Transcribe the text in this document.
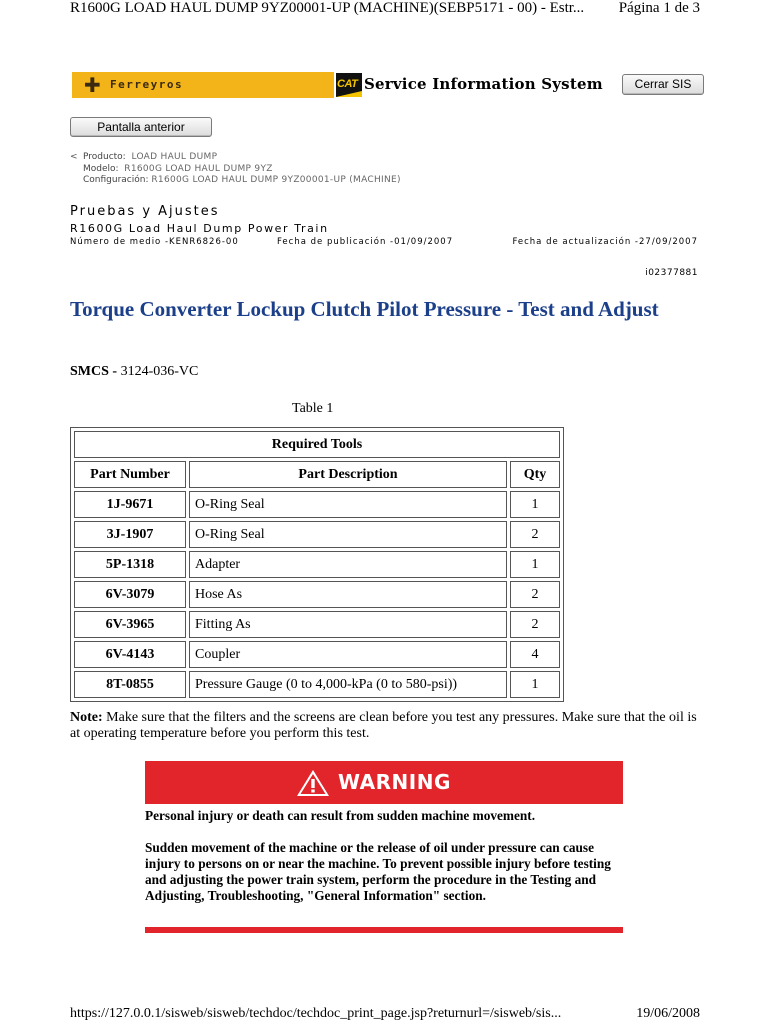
R1600G LOAD HAUL DUMP 9YZ00001-UP (MACHINE)(SEBP5171 - 00) - Estr... Página 1 de 3
✚ Ferreyros	CAT Service Information System	Cerrar SIS
Pantalla anterior
< Producto: LOAD HAUL DUMP
Modelo: R1600G LOAD HAUL DUMP 9YZ
Configuración: R1600G LOAD HAUL DUMP 9YZ00001-UP (MACHINE)
Pruebas y Ajustes
R1600G Load Haul Dump Power Train
Número de medio -KENR6826-00	Fecha de publicación -01/09/2007	Fecha de actualización -27/09/2007
i02377881
Torque Converter Lockup Clutch Pilot Pressure - Test and Adjust
SMCS - 3124-036-VC
Table 1
Required Tools		
Part Number	Part Description	Qty
1J-9671	O-Ring Seal	1
3J-1907	O-Ring Seal	2
5P-1318	Adapter	1
6V-3079	Hose As	2
6V-3965	Fitting As	2
6V-4143	Coupler	4
8T-0855	Pressure Gauge (0 to 4,000-kPa (0 to 580-psi))	1
Note: Make sure that the filters and the screens are clean before you test any pressures. Make sure that the oil is at operating temperature before you perform this test.
WARNING

Personal injury or death can result from sudden machine movement.

Sudden movement of the machine or the release of oil under pressure can cause injury to persons on or near the machine. To prevent possible injury before testing and adjusting the power train system, perform the procedure in the Testing and Adjusting, Troubleshooting, "General Information" section.

https://127.0.0.1/sisweb/sisweb/techdoc/techdoc_print_page.jsp?returnurl=/sisweb/sis...	19/06/2008
